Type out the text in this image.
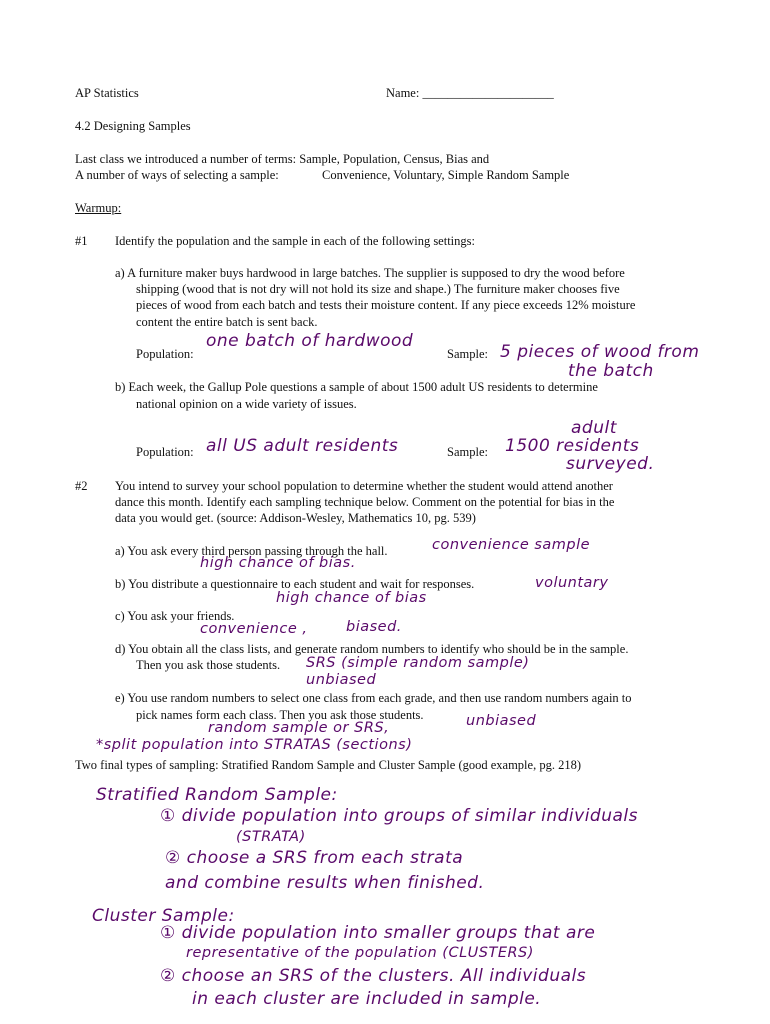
AP Statistics	Name: _____________________
4.2 Designing Samples
Last class we introduced a number of terms: Sample, Population, Census, Bias and
A number of ways of selecting a sample:	Convenience, Voluntary, Simple Random Sample
Warmup:
#1 Identify the population and the sample in each of the following settings:
a) A furniture maker buys hardwood in large batches. The supplier is supposed to dry the wood before
shipping (wood that is not dry will not hold its size and shape.) The furniture maker chooses five
pieces of wood from each batch and tests their moisture content. If any piece exceeds 12% moisture
content the entire batch is sent back.
Population:
one batch of hardwood
Sample: 5 pieces of wood from
the batch
b) Each week, the Gallup Pole questions a sample of about 1500 adult US residents to determine
national opinion on a wide variety of issues.
Population: all US adult residents	Sample:
adult
1500 residents
surveyed.
#2 You intend to survey your school population to determine whether the student would attend another
dance this month. Identify each sampling technique below. Comment on the potential for bias in the
data you would get. (source: Addison-Wesley, Mathematics 10, pg. 539)
a) You ask every third person passing through the hall.	convenience sample
high chance of bias.
b) You distribute a questionnaire to each student and wait for responses.	voluntary
high chance of bias
c) You ask your friends.
convenience ,	biased.
d) You obtain all the class lists, and generate random numbers to identify who should be in the sample.
Then you ask those students. SRS (simple random sample)
unbiased
e) You use random numbers to select one class from each grade, and then use random numbers again to
pick names form each class. Then you ask those students.
random sample or SRS,	unbiased
*split population into STRATAS (sections)
Two final types of sampling: Stratified Random Sample and Cluster Sample (good example, pg. 218)
Stratified Random Sample:
① divide population into groups of similar individuals
(STRATA)
② choose a SRS from each strata
and combine results when finished.
Cluster Sample:
① divide population into smaller groups that are
representative of the population (CLUSTERS)
② choose an SRS of the clusters. All individuals
in each cluster are included in sample.
